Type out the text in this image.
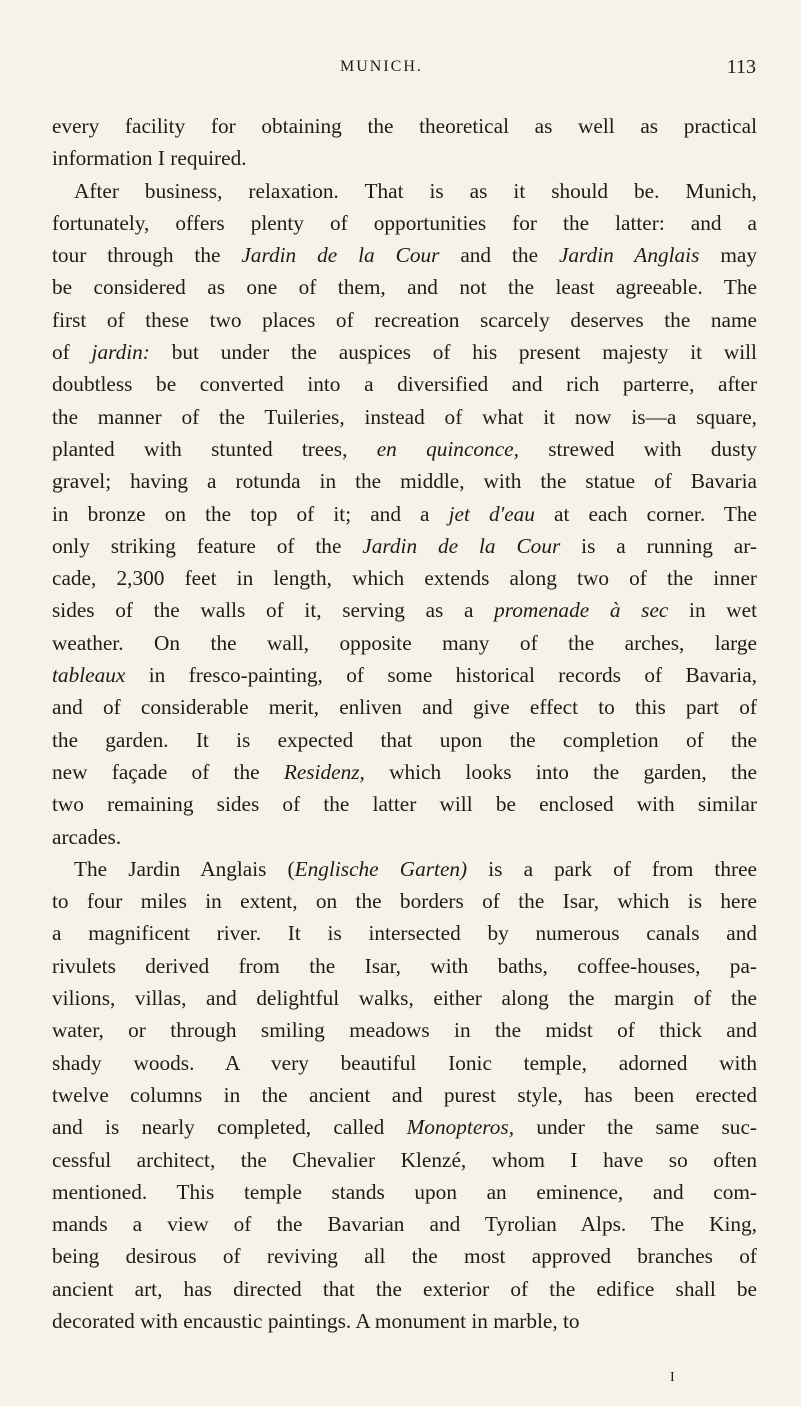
MUNICH.	113
every facility for obtaining the theoretical as well as practical
information I required.
After business, relaxation. That is as it should be. Munich,
fortunately, offers plenty of opportunities for the latter: and a
tour through the Jardin de la Cour and the Jardin Anglais may
be considered as one of them, and not the least agreeable. The
first of these two places of recreation scarcely deserves the name
of jardin: but under the auspices of his present majesty it will
doubtless be converted into a diversified and rich parterre, after
the manner of the Tuileries, instead of what it now is—a square,
planted with stunted trees, en quinconce, strewed with dusty
gravel; having a rotunda in the middle, with the statue of Bavaria
in bronze on the top of it; and a jet d'eau at each corner. The
only striking feature of the Jardin de la Cour is a running ar-
cade, 2,300 feet in length, which extends along two of the inner
sides of the walls of it, serving as a promenade à sec in wet
weather. On the wall, opposite many of the arches, large
tableaux in fresco-painting, of some historical records of Bavaria,
and of considerable merit, enliven and give effect to this part of
the garden. It is expected that upon the completion of the
new façade of the Residenz, which looks into the garden, the
two remaining sides of the latter will be enclosed with similar
arcades.
The Jardin Anglais (Englische Garten) is a park of from three
to four miles in extent, on the borders of the Isar, which is here
a magnificent river. It is intersected by numerous canals and
rivulets derived from the Isar, with baths, coffee-houses, pa-
vilions, villas, and delightful walks, either along the margin of the
water, or through smiling meadows in the midst of thick and
shady woods. A very beautiful Ionic temple, adorned with
twelve columns in the ancient and purest style, has been erected
and is nearly completed, called Monopteros, under the same suc-
cessful architect, the Chevalier Klenzé, whom I have so often
mentioned. This temple stands upon an eminence, and com-
mands a view of the Bavarian and Tyrolian Alps. The King,
being desirous of reviving all the most approved branches of
ancient art, has directed that the exterior of the edifice shall be
decorated with encaustic paintings. A monument in marble, to
I
